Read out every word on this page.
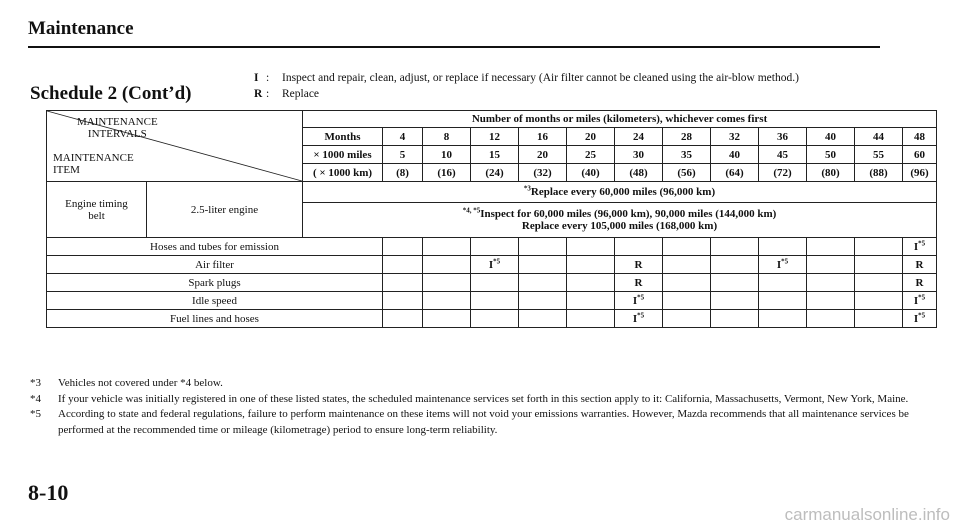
Maintenance
Schedule 2 (Cont’d)
I :	Inspect and repair, clean, adjust, or replace if necessary (Air filter cannot be cleaned using the air-blow method.)
R :	Replace
MAINTENANCE
INTERVALS
MAINTENANCE
ITEM		Number of months or miles (kilometers), whichever comes first												
		Months	4	8	12	16	20	24	28	32	36	40	44	48
		× 1000 miles	5	10	15	20	25	30	35	40	45	50	55	60
		( × 1000 km)	(8)	(16)	(24)	(32)	(40)	(48)	(56)	(64)	(72)	(80)	(88)	(96)

Engine timing
belt	2.5-liter engine	$^{*3}$Replace every 60,000 miles (96,000 km)												

		$^{*4, *5}$Inspect for 60,000 miles (96,000 km), 90,000 miles (144,000 km)
Replace every 105,000 miles (168,000 km)												

Hoses and tubes for emission														$I^{*5}$
Air filter					$I^{*5}$			R			$I^{*5}$			R
Spark plugs								R						R
Idle speed								$I^{*5}$						$I^{*5}$
Fuel lines and hoses								$I^{*5}$						$I^{*5}$
*3	Vehicles not covered under *4 below.
*4	If your vehicle was initially registered in one of these listed states, the scheduled maintenance services set forth in this section apply to it: California, Massachusetts, Vermont, New York, Maine.
*5	According to state and federal regulations, failure to perform maintenance on these items will not void your emissions warranties. However, Mazda recommends that all maintenance services be performed at the recommended time or mileage (kilometrage) period to ensure long-term reliability.
8-10
carmanualsonline.info
